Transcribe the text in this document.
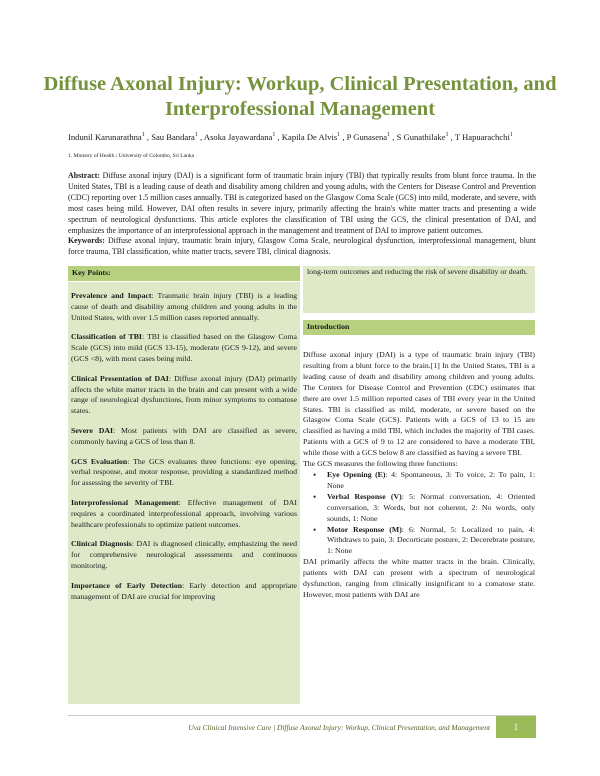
Diffuse Axonal Injury: Workup, Clinical Presentation, and Interprofessional Management
Indunil Karunarathna$^1$ , Sau Bandara$^1$ , Asoka Jayawardana$^1$ , Kapila De Alvis$^1$ , P Gunasena$^1$ , S Gunathilake$^1$ , T Hapuarachchi$^1$
1. Ministry of Health / University of Colombo, Sri Lanka
Abstract: Diffuse axonal injury (DAI) is a significant form of traumatic brain injury (TBI) that typically results from blunt force trauma. In the United States, TBI is a leading cause of death and disability among children and young adults, with the Centers for Disease Control and Prevention (CDC) reporting over 1.5 million cases annually. TBI is categorized based on the Glasgow Coma Scale (GCS) into mild, moderate, and severe, with most cases being mild. However, DAI often results in severe injury, primarily affecting the brain's white matter tracts and presenting a wide spectrum of neurological dysfunctions. This article explores the classification of TBI using the GCS, the clinical presentation of DAI, and emphasizes the importance of an interprofessional approach in the management and treatment of DAI to improve patient outcomes.
Keywords: Diffuse axonal injury, traumatic brain injury, Glasgow Coma Scale, neurological dysfunction, interprofessional management, blunt force trauma, TBI classification, white matter tracts, severe TBI, clinical diagnosis.
Key Points:
Prevalence and Impact: Traumatic brain injury (TBI) is a leading cause of death and disability among children and young adults in the United States, with over 1.5 million cases reported annually.
Classification of TBI: TBI is classified based on the Glasgow Coma Scale (GCS) into mild (GCS 13-15), moderate (GCS 9-12), and severe (GCS <8), with most cases being mild.
Clinical Presentation of DAI: Diffuse axonal injury (DAI) primarily affects the white matter tracts in the brain and can present with a wide range of neurological dysfunctions, from minor symptoms to comatose states.
Severe DAI: Most patients with DAI are classified as severe, commonly having a GCS of less than 8.
GCS Evaluation: The GCS evaluates three functions: eye opening, verbal response, and motor response, providing a standardized method for assessing the severity of TBI.
Interprofessional Management: Effective management of DAI requires a coordinated interprofessional approach, involving various healthcare professionals to optimize patient outcomes.
Clinical Diagnosis: DAI is diagnosed clinically, emphasizing the need for comprehensive neurological assessments and continuous monitoring.
Importance of Early Detection: Early detection and appropriate management of DAI are crucial for improving
long-term outcomes and reducing the risk of severe disability or death.
Introduction

Diffuse axonal injury (DAI) is a type of traumatic brain injury (TBI) resulting from a blunt force to the brain.[1] In the United States, TBI is a leading cause of death and disability among children and young adults. The Centers for Disease Control and Prevention (CDC) estimates that there are over 1.5 million reported cases of TBI every year in the United States. TBI is classified as mild, moderate, or severe based on the Glasgow Coma Scale (GCS). Patients with a GCS of 13 to 15 are classified as having a mild TBI, which includes the majority of TBI cases. Patients with a GCS of 9 to 12 are considered to have a moderate TBI, while those with a GCS below 8 are classified as having a severe TBI.

The GCS measures the following three functions:

• Eye Opening (E): 4: Spontaneous, 3: To voice, 2: To pain, 1: None
• Verbal Response (V): 5: Normal conversation, 4: Oriented conversation, 3: Words, but not coherent, 2: No words, only sounds, 1: None
• Motor Response (M): 6: Normal, 5: Localized to pain, 4: Withdraws to pain, 3: Decorticate posture, 2: Decerebrate posture, 1: None

DAI primarily affects the white matter tracts in the brain. Clinically, patients with DAI can present with a spectrum of neurological dysfunction, ranging from clinically insignificant to a comatose state. However, most patients with DAI are

Uva Clinical Intensive Care | Diffuse Axonal Injury: Workup, Clinical Presentation, and Management	1
